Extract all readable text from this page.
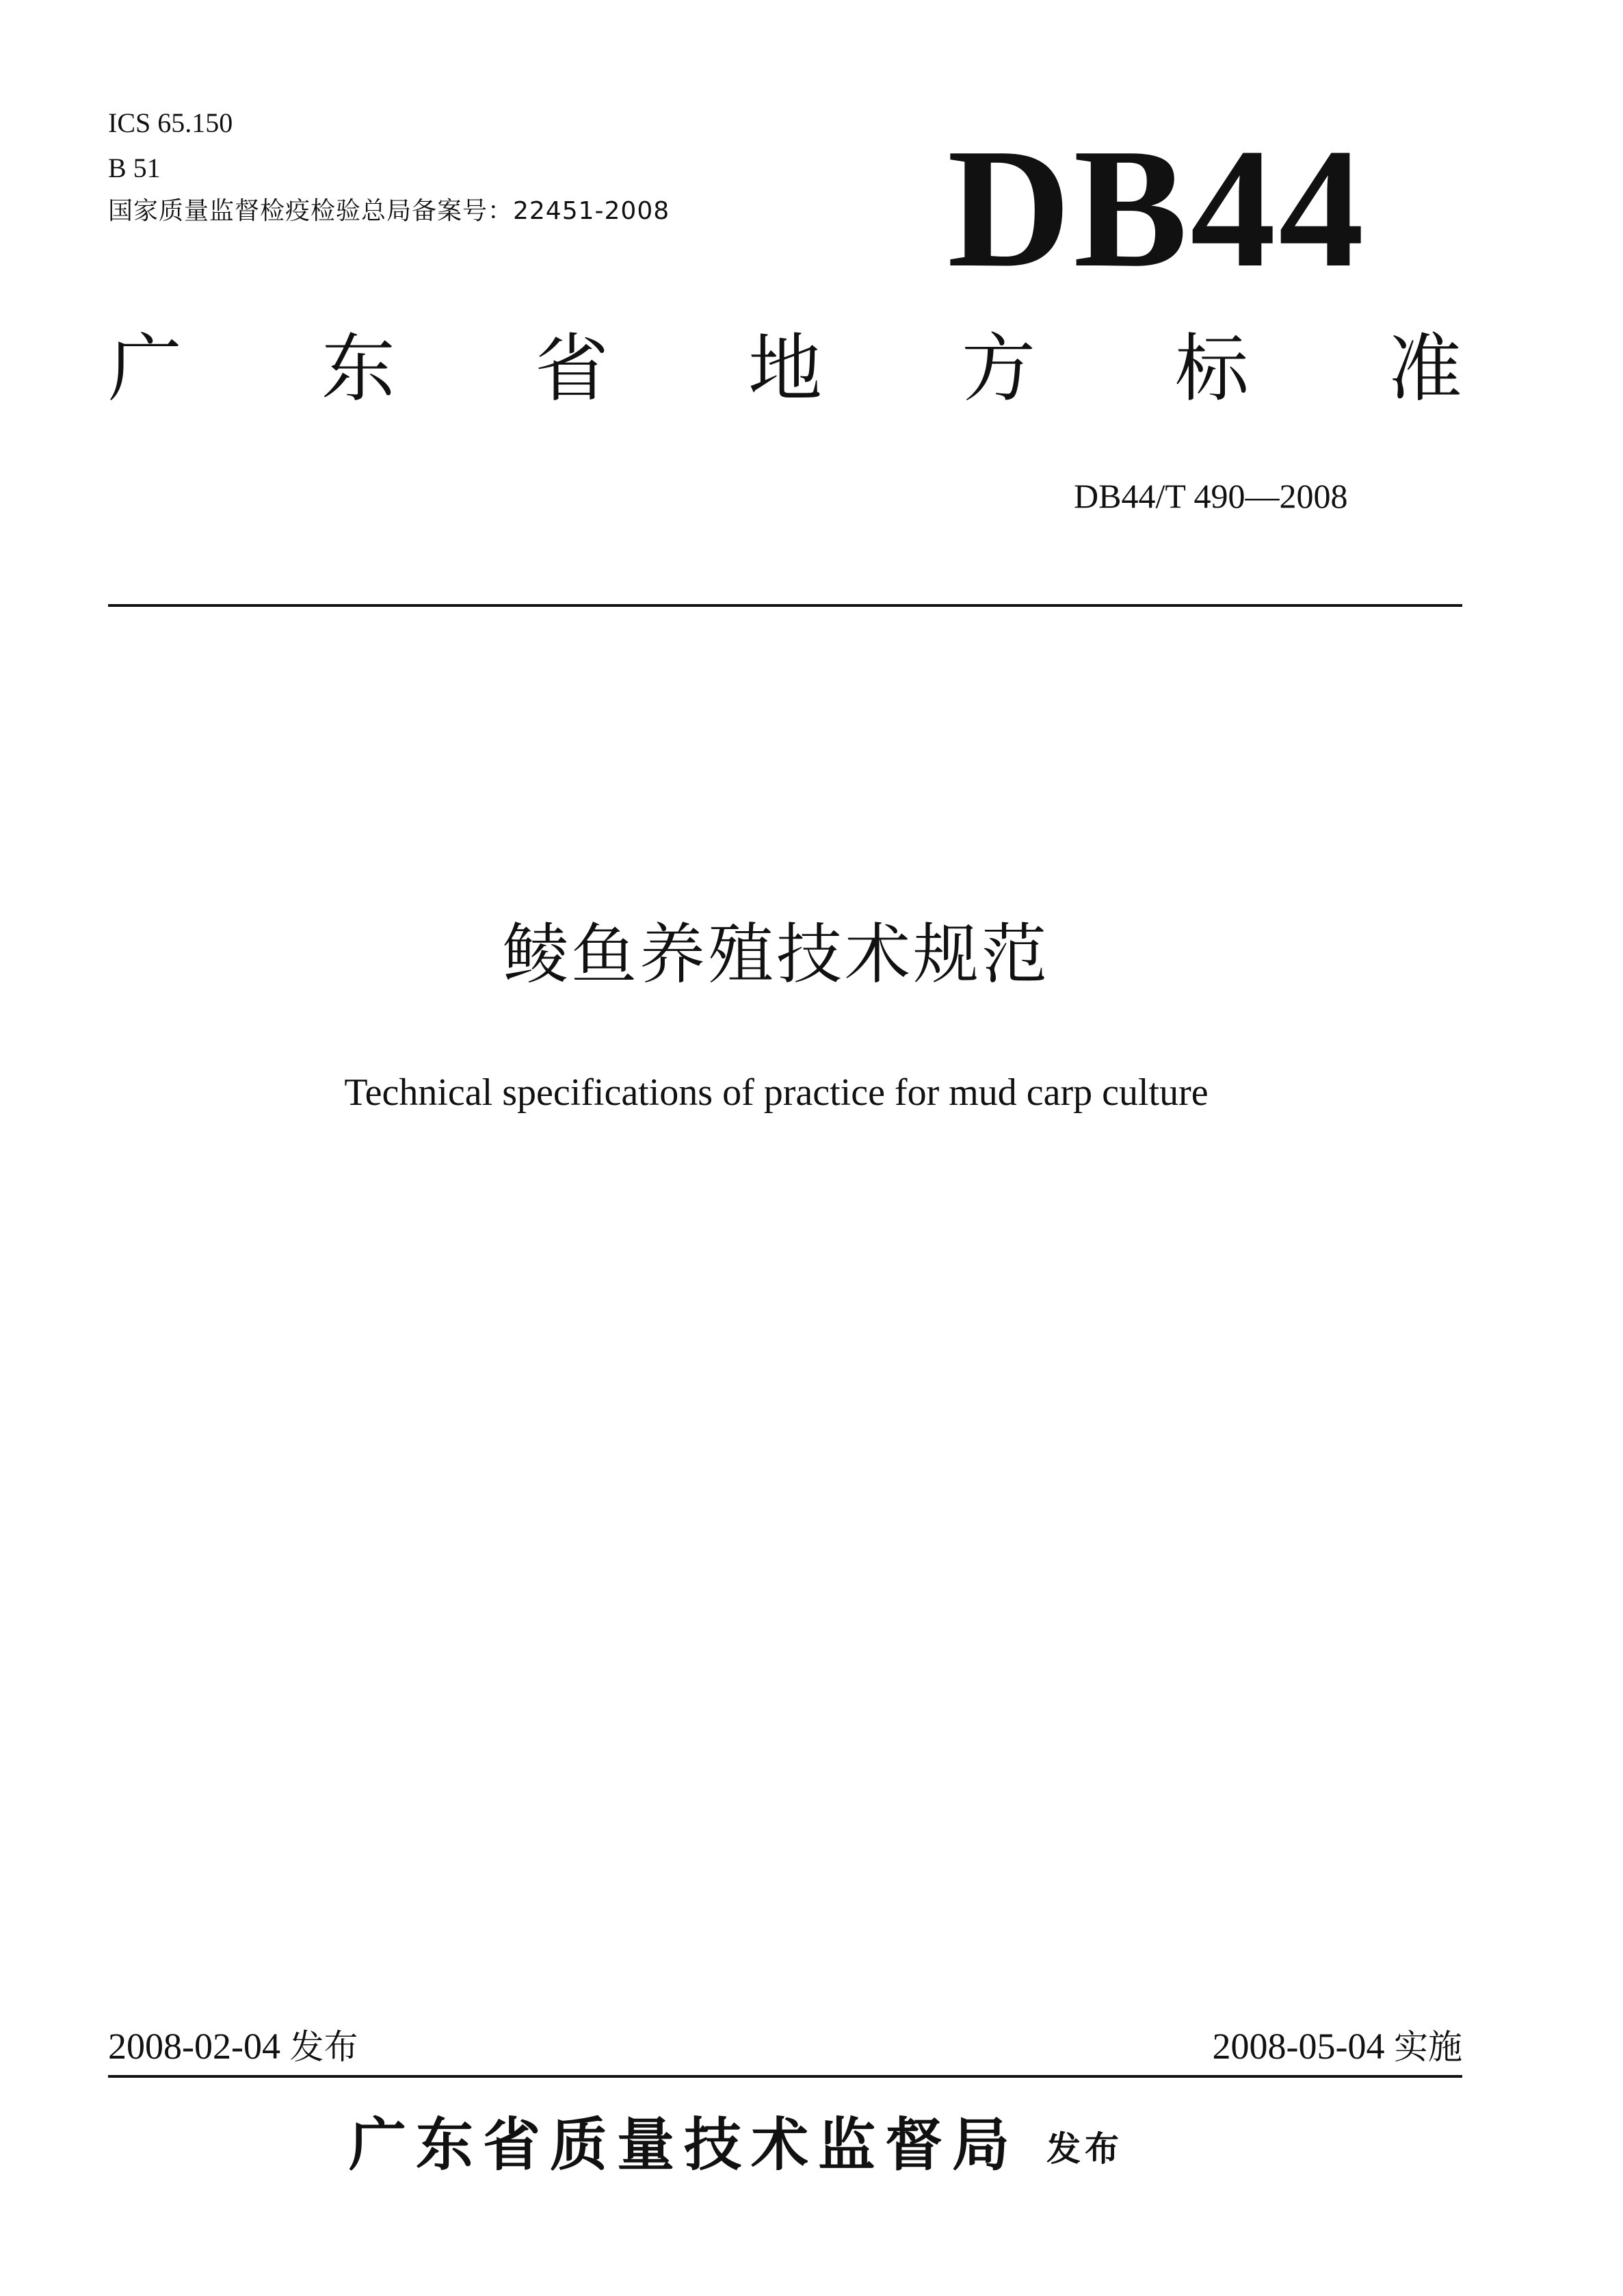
ICS 65.150
B 51
国家质量监督检疫检验总局备案号：22451-2008 DB44
广 东 省 地 方 标 准
DB44/T 490—2008
鲮鱼养殖技术规范
Technical specifications of practice for mud carp culture
2008-02-04 发布	2008-05-04 实施
广东省质量技术监督局 发布
